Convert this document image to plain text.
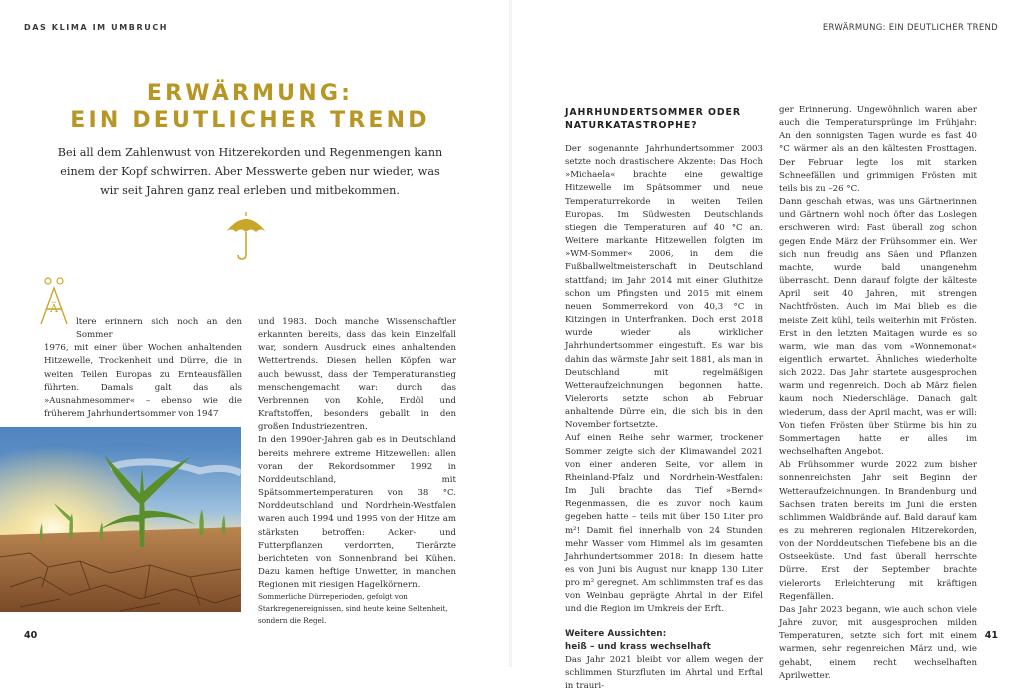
DAS KLIMA IM UMBRUCH	ERWÄRMUNG: EIN DEUTLICHER TREND
ERWÄRMUNG:
EIN DEUTLICHER TREND
Bei all dem Zahlenwust von Hitzerekorden und Regenmengen kann einem der Kopf schwirren. Aber Messwerte geben nur wieder, was wir seit Jahren ganz real erleben und mitbekommen.
Ä

ltere erinnern sich noch an den Sommer

1976, mit einer über Wochen anhaltenden Hitzewelle, Trockenheit und Dürre, die in weiten Teilen Europas zu Ernteausfällen führten. Damals galt das als »Ausnahmesommer« – ebenso wie die früherem Jahrhundertsommer von 1947

und 1983. Doch manche Wissenschaftler erkannten bereits, dass das kein Einzelfall war, sondern Ausdruck eines anhaltenden Wettertrends. Diesen hellen Köpfen war auch bewusst, dass der Temperaturanstieg menschengemacht war: durch das Verbrennen von Kohle, Erdöl und Kraftstoffen, besonders geballt in den großen Industriezentren.

In den 1990er-Jahren gab es in Deutschland bereits mehrere extreme Hitzewellen: allen voran der Rekordsommer 1992 in Norddeutschland, mit Spätsommertemperaturen von 38 °C. Norddeutschland und Nordrhein-Westfalen waren auch 1994 und 1995 von der Hitze am stärksten betroffen: Acker- und Futterpflanzen verdorrten, Tierärzte berichteten von Sonnenbrand bei Kühen. Dazu kamen heftige Unwetter, in manchen Regionen mit riesigen Hagelkörnern.

Sommerliche Dürreperioden, gefolgt von Starkregenereignissen, sind heute keine Seltenheit, sondern die Regel.
40
JAHRHUNDERTSOMMER ODER NATURKATASTROPHE?

Der sogenannte Jahrhundertsommer 2003 setzte noch drastischere Akzente: Das Hoch »Michaela« brachte eine gewaltige Hitzewelle im Spätsommer und neue Temperaturrekorde in weiten Teilen Europas. Im Südwesten Deutschlands stiegen die Temperaturen auf 40 °C an. Weitere markante Hitzewellen folgten im »WM-Sommer« 2006, in dem die Fußballweltmeisterschaft in Deutschland stattfand; im Jahr 2014 mit einer Gluthitze schon um Pfingsten und 2015 mit einem neuen Sommerrekord von 40,3 °C in Kitzingen in Unterfranken. Doch erst 2018 wurde wieder als wirklicher Jahrhundertsommer eingestuft. Es war bis dahin das wärmste Jahr seit 1881, als man in Deutschland mit regelmäßigen Wetteraufzeichnungen begonnen hatte. Vielerorts setzte schon ab Februar anhaltende Dürre ein, die sich bis in den November fortsetzte.

Auf einen Reihe sehr warmer, trockener Sommer zeigte sich der Klimawandel 2021 von einer anderen Seite, vor allem in Rheinland-Pfalz und Nordrhein-Westfalen: Im Juli brachte das Tief »Bernd« Regenmassen, die es zuvor noch kaum gegeben hatte – teils mit über 150 Liter pro m²! Damit fiel innerhalb von 24 Stunden mehr Wasser vom Himmel als im gesamten Jahrhundertsommer 2018: In diesem hatte es von Juni bis August nur knapp 130 Liter pro m² geregnet. Am schlimmsten traf es das von Weinbau geprägte Ahrtal in der Eifel und die Region im Umkreis der Erft.

Weitere Aussichten:
heiß – und krass wechselhaft

Das Jahr 2021 bleibt vor allem wegen der schlimmen Sturzfluten im Ahrtal und Erftal in trauri-

ger Erinnerung. Ungewöhnlich waren aber auch die Temperatursprünge im Frühjahr: An den sonnigsten Tagen wurde es fast 40 °C wärmer als an den kältesten Frosttagen. Der Februar legte los mit starken Schneefällen und grimmigen Frösten mit teils bis zu –26 °C.

Dann geschah etwas, was uns Gärtnerinnen und Gärtnern wohl noch öfter das Loslegen erschweren wird: Fast überall zog schon gegen Ende März der Frühsommer ein. Wer sich nun freudig ans Säen und Pflanzen machte, wurde bald unangenehm überrascht. Denn darauf folgte der kälteste April seit 40 Jahren, mit strengen Nachtfrösten. Auch im Mai blieb es die meiste Zeit kühl, teils weiterhin mit Frösten. Erst in den letzten Maitagen wurde es so warm, wie man das vom »Wonnemonat« eigentlich erwartet. Ähnliches wiederholte sich 2022. Das Jahr startete ausgesprochen warm und regenreich. Doch ab März fielen kaum noch Niederschläge. Danach galt wiederum, dass der April macht, was er will: Von tiefen Frösten über Stürme bis hin zu Sommertagen hatte er alles im wechselhaften Angebot.

Ab Frühsommer wurde 2022 zum bisher sonnenreichsten Jahr seit Beginn der Wetteraufzeichnungen. In Brandenburg und Sachsen traten bereits im Juni die ersten schlimmen Waldbrände auf. Bald darauf kam es zu mehreren regionalen Hitzerekorden, von der Norddeutschen Tiefebene bis an die Ostseeküste. Und fast überall herrschte Dürre. Erst der September brachte vielerorts Erleichterung mit kräftigen Regenfällen.

Das Jahr 2023 begann, wie auch schon viele Jahre zuvor, mit ausgesprochen milden Temperaturen, setzte sich fort mit einem warmen, sehr regenreichen März und, wie gehabt, einem recht wechselhaften Aprilwetter.

41
